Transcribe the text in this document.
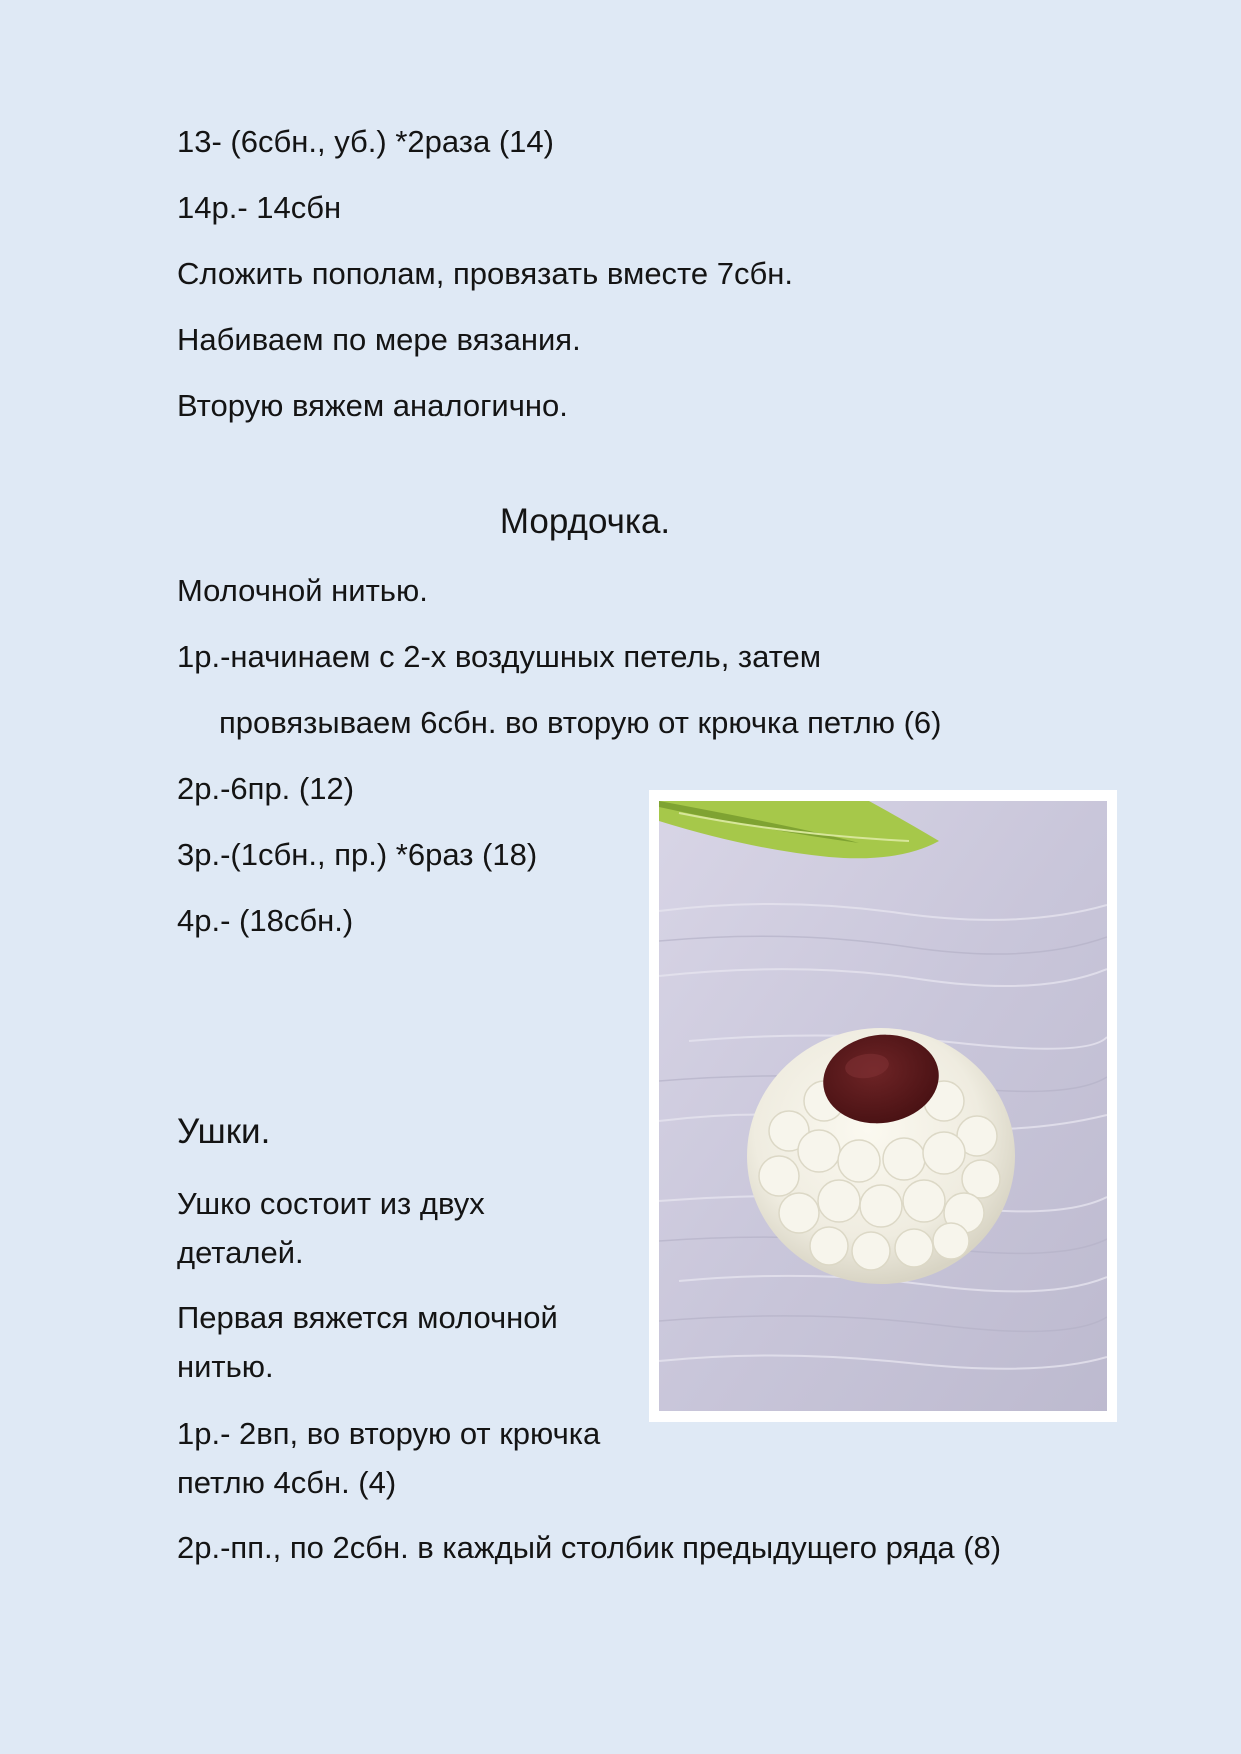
13- (6сбн., уб.) *2раза (14)
14р.- 14сбн
Сложить пополам, провязать вместе 7сбн.
Набиваем по мере вязания.
Вторую вяжем аналогично.
Мордочка.
Молочной нитью.
1р.-начинаем с 2-х воздушных петель, затем
провязываем 6сбн. во вторую от крючка петлю (6)
2р.-6пр. (12)
3р.-(1сбн., пр.) *6раз (18)
4р.- (18сбн.)
Ушки.
Ушко состоит из двух деталей.
Первая вяжется молочной нитью.
1р.- 2вп, во вторую от крючка петлю 4сбн. (4)
2р.-пп., по 2сбн. в каждый столбик предыдущего ряда (8)
